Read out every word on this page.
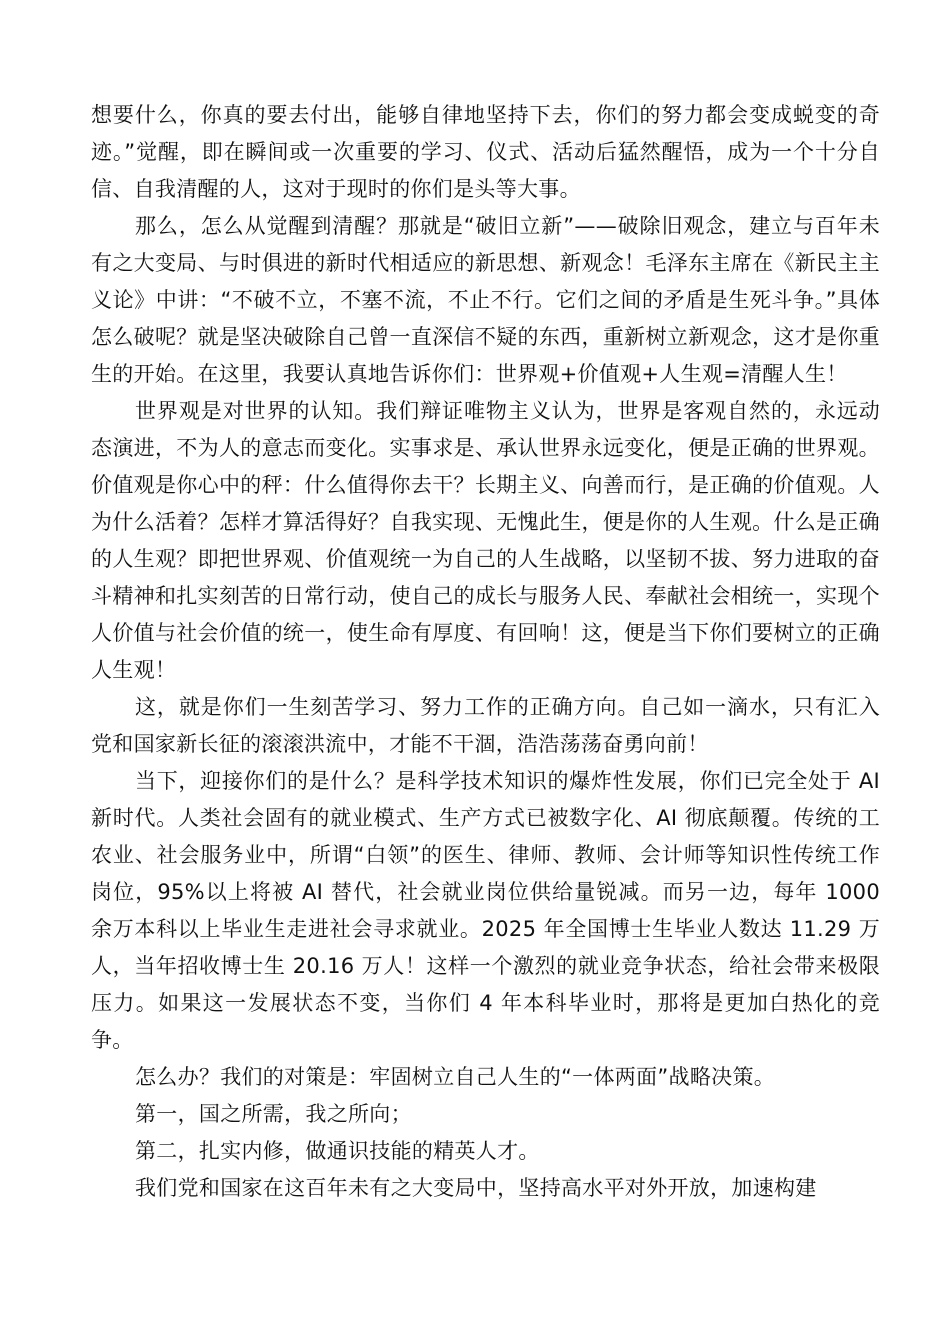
想要什么，你真的要去付出，能够自律地坚持下去，你们的努力都会变成蜕变的奇迹。”觉醒，即在瞬间或一次重要的学习、仪式、活动后猛然醒悟，成为一个十分自信、自我清醒的人，这对于现时的你们是头等大事。

那么，怎么从觉醒到清醒？那就是“破旧立新”——破除旧观念，建立与百年未有之大变局、与时俱进的新时代相适应的新思想、新观念！毛泽东主席在《新民主主义论》中讲：“不破不立，不塞不流，不止不行。它们之间的矛盾是生死斗争。”具体怎么破呢？就是坚决破除自己曾一直深信不疑的东西，重新树立新观念，这才是你重生的开始。在这里，我要认真地告诉你们：世界观+价值观+人生观=清醒人生！

世界观是对世界的认知。我们辩证唯物主义认为，世界是客观自然的，永远动态演进，不为人的意志而变化。实事求是、承认世界永远变化，便是正确的世界观。价值观是你心中的秤：什么值得你去干？长期主义、向善而行，是正确的价值观。人为什么活着？怎样才算活得好？自我实现、无愧此生，便是你的人生观。什么是正确的人生观？即把世界观、价值观统一为自己的人生战略，以坚韧不拔、努力进取的奋斗精神和扎实刻苦的日常行动，使自己的成长与服务人民、奉献社会相统一，实现个人价值与社会价值的统一，使生命有厚度、有回响！这，便是当下你们要树立的正确人生观！

这，就是你们一生刻苦学习、努力工作的正确方向。自己如一滴水，只有汇入党和国家新长征的滚滚洪流中，才能不干涸，浩浩荡荡奋勇向前！

当下，迎接你们的是什么？是科学技术知识的爆炸性发展，你们已完全处于 AI 新时代。人类社会固有的就业模式、生产方式已被数字化、AI 彻底颠覆。传统的工农业、社会服务业中，所谓“白领”的医生、律师、教师、会计师等知识性传统工作岗位，95%以上将被 AI 替代，社会就业岗位供给量锐减。而另一边，每年 1000 余万本科以上毕业生走进社会寻求就业。2025 年全国博士生毕业人数达 11.29 万人，当年招收博士生 20.16 万人！这样一个激烈的就业竞争状态，给社会带来极限压力。如果这一发展状态不变，当你们 4 年本科毕业时，那将是更加白热化的竞争。

怎么办？我们的对策是：牢固树立自己人生的“一体两面”战略决策。

第一，国之所需，我之所向；

第二，扎实内修，做通识技能的精英人才。

我们党和国家在这百年未有之大变局中，坚持高水平对外开放，加速构建
